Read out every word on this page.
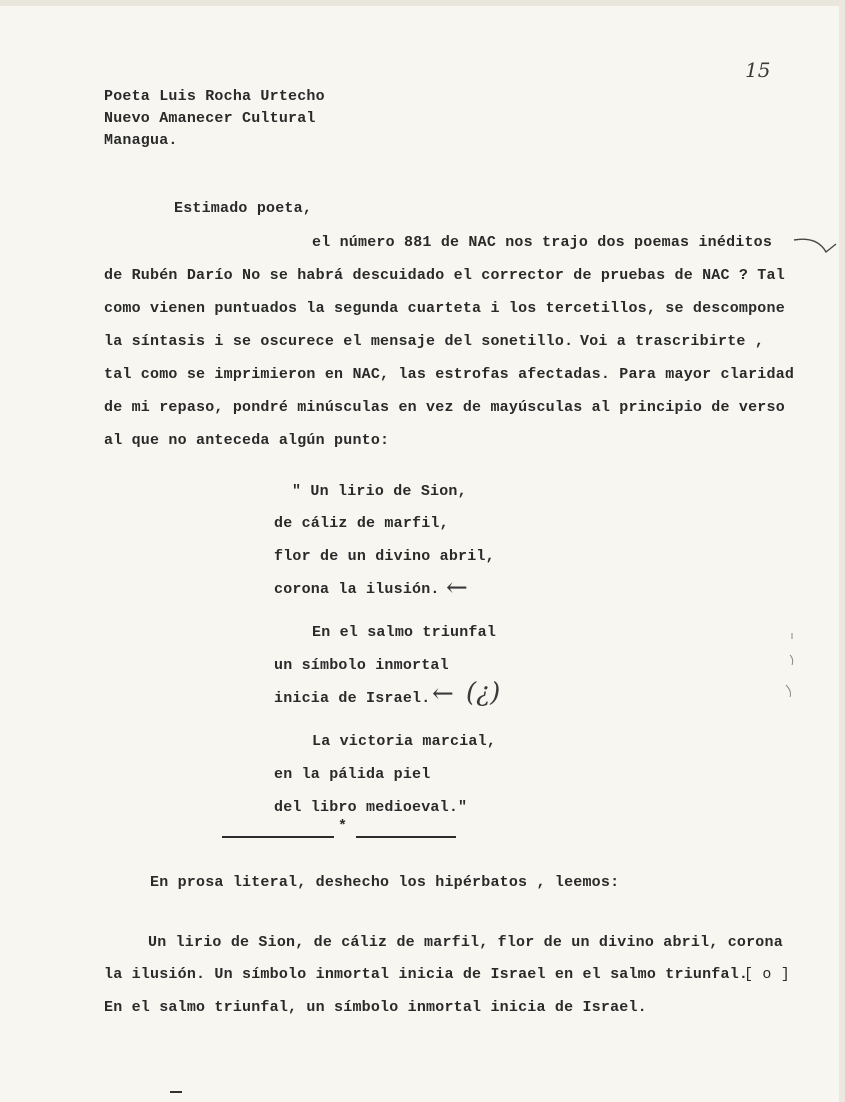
15
Poeta Luis Rocha Urtecho
Nuevo Amanecer Cultural
Managua.
Estimado poeta,
el número 881 de NAC nos trajo dos poemas inéditos
de Rubén Darío No se habrá descuidado el corrector de pruebas de NAC ? Tal
como vienen puntuados la segunda cuarteta i los tercetillos, se descompone
la síntasis i se oscurece el mensaje del sonetillo. Voi a trascribirte ,
tal como se imprimieron en NAC, las estrofas afectadas. Para mayor claridad
de mi repaso, pondré minúsculas en vez de mayúsculas al principio de verso
al que no anteceda algún punto:
" Un lirio de Sion,
de cáliz de marfil,
flor de un divino abril,
corona la ilusión. ←
En el salmo triunfal
un símbolo inmortal
inicia de Israel. ← (¿)
La victoria marcial,
en la pálida piel
del libro medioeval."
*
En prosa literal, deshecho los hipérbatos , leemos:
Un lirio de Sion, de cáliz de marfil, flor de un divino abril, corona
la ilusión. Un símbolo inmortal inicia de Israel en el salmo triunfal.
[ o ]
En el salmo triunfal, un símbolo inmortal inicia de Israel.
